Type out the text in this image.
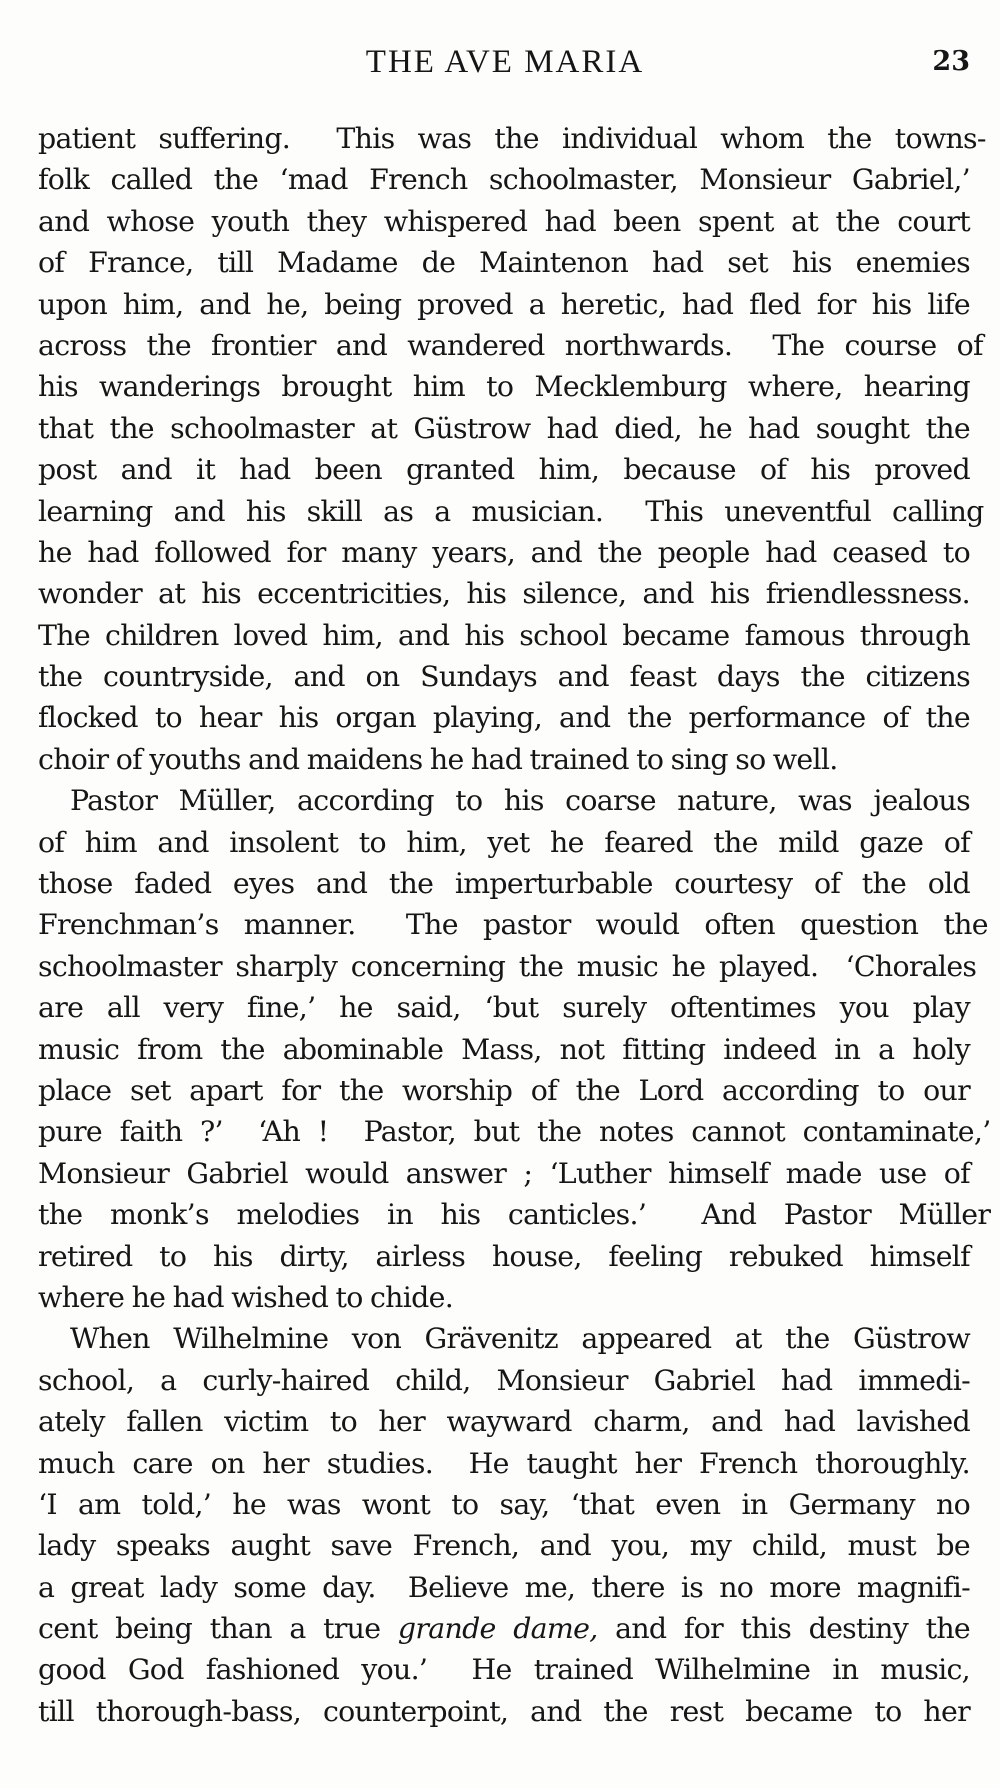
THE AVE MARIA	23

patient suffering.  This was the individual whom the towns-
folk called the ‘mad French schoolmaster, Monsieur Gabriel,’
and whose youth they whispered had been spent at the court
of France, till Madame de Maintenon had set his enemies
upon him, and he, being proved a heretic, had fled for his life
across the frontier and wandered northwards.  The course of
his wanderings brought him to Mecklemburg where, hearing
that the schoolmaster at Güstrow had died, he had sought the
post and it had been granted him, because of his proved
learning and his skill as a musician.  This uneventful calling
he had followed for many years, and the people had ceased to
wonder at his eccentricities, his silence, and his friendlessness.
The children loved him, and his school became famous through
the countryside, and on Sundays and feast days the citizens
flocked to hear his organ playing, and the performance of the
choir of youths and maidens he had trained to sing so well.

Pastor Müller, according to his coarse nature, was jealous
of him and insolent to him, yet he feared the mild gaze of
those faded eyes and the imperturbable courtesy of the old
Frenchman’s manner.  The pastor would often question the
schoolmaster sharply concerning the music he played.  ‘Chorales
are all very fine,’ he said, ‘but surely oftentimes you play
music from the abominable Mass, not fitting indeed in a holy
place set apart for the worship of the Lord according to our
pure faith ?’  ‘Ah !  Pastor, but the notes cannot contaminate,’
Monsieur Gabriel would answer ; ‘Luther himself made use of
the monk’s melodies in his canticles.’  And Pastor Müller
retired to his dirty, airless house, feeling rebuked himself
where he had wished to chide.

When Wilhelmine von Grävenitz appeared at the Güstrow
school, a curly-haired child, Monsieur Gabriel had immedi-
ately fallen victim to her wayward charm, and had lavished
much care on her studies.  He taught her French thoroughly.
‘I am told,’ he was wont to say, ‘that even in Germany no
lady speaks aught save French, and you, my child, must be
a great lady some day.  Believe me, there is no more magnifi-
cent being than a true grande dame, and for this destiny the
good God fashioned you.’  He trained Wilhelmine in music,
till thorough-bass, counterpoint, and the rest became to her
